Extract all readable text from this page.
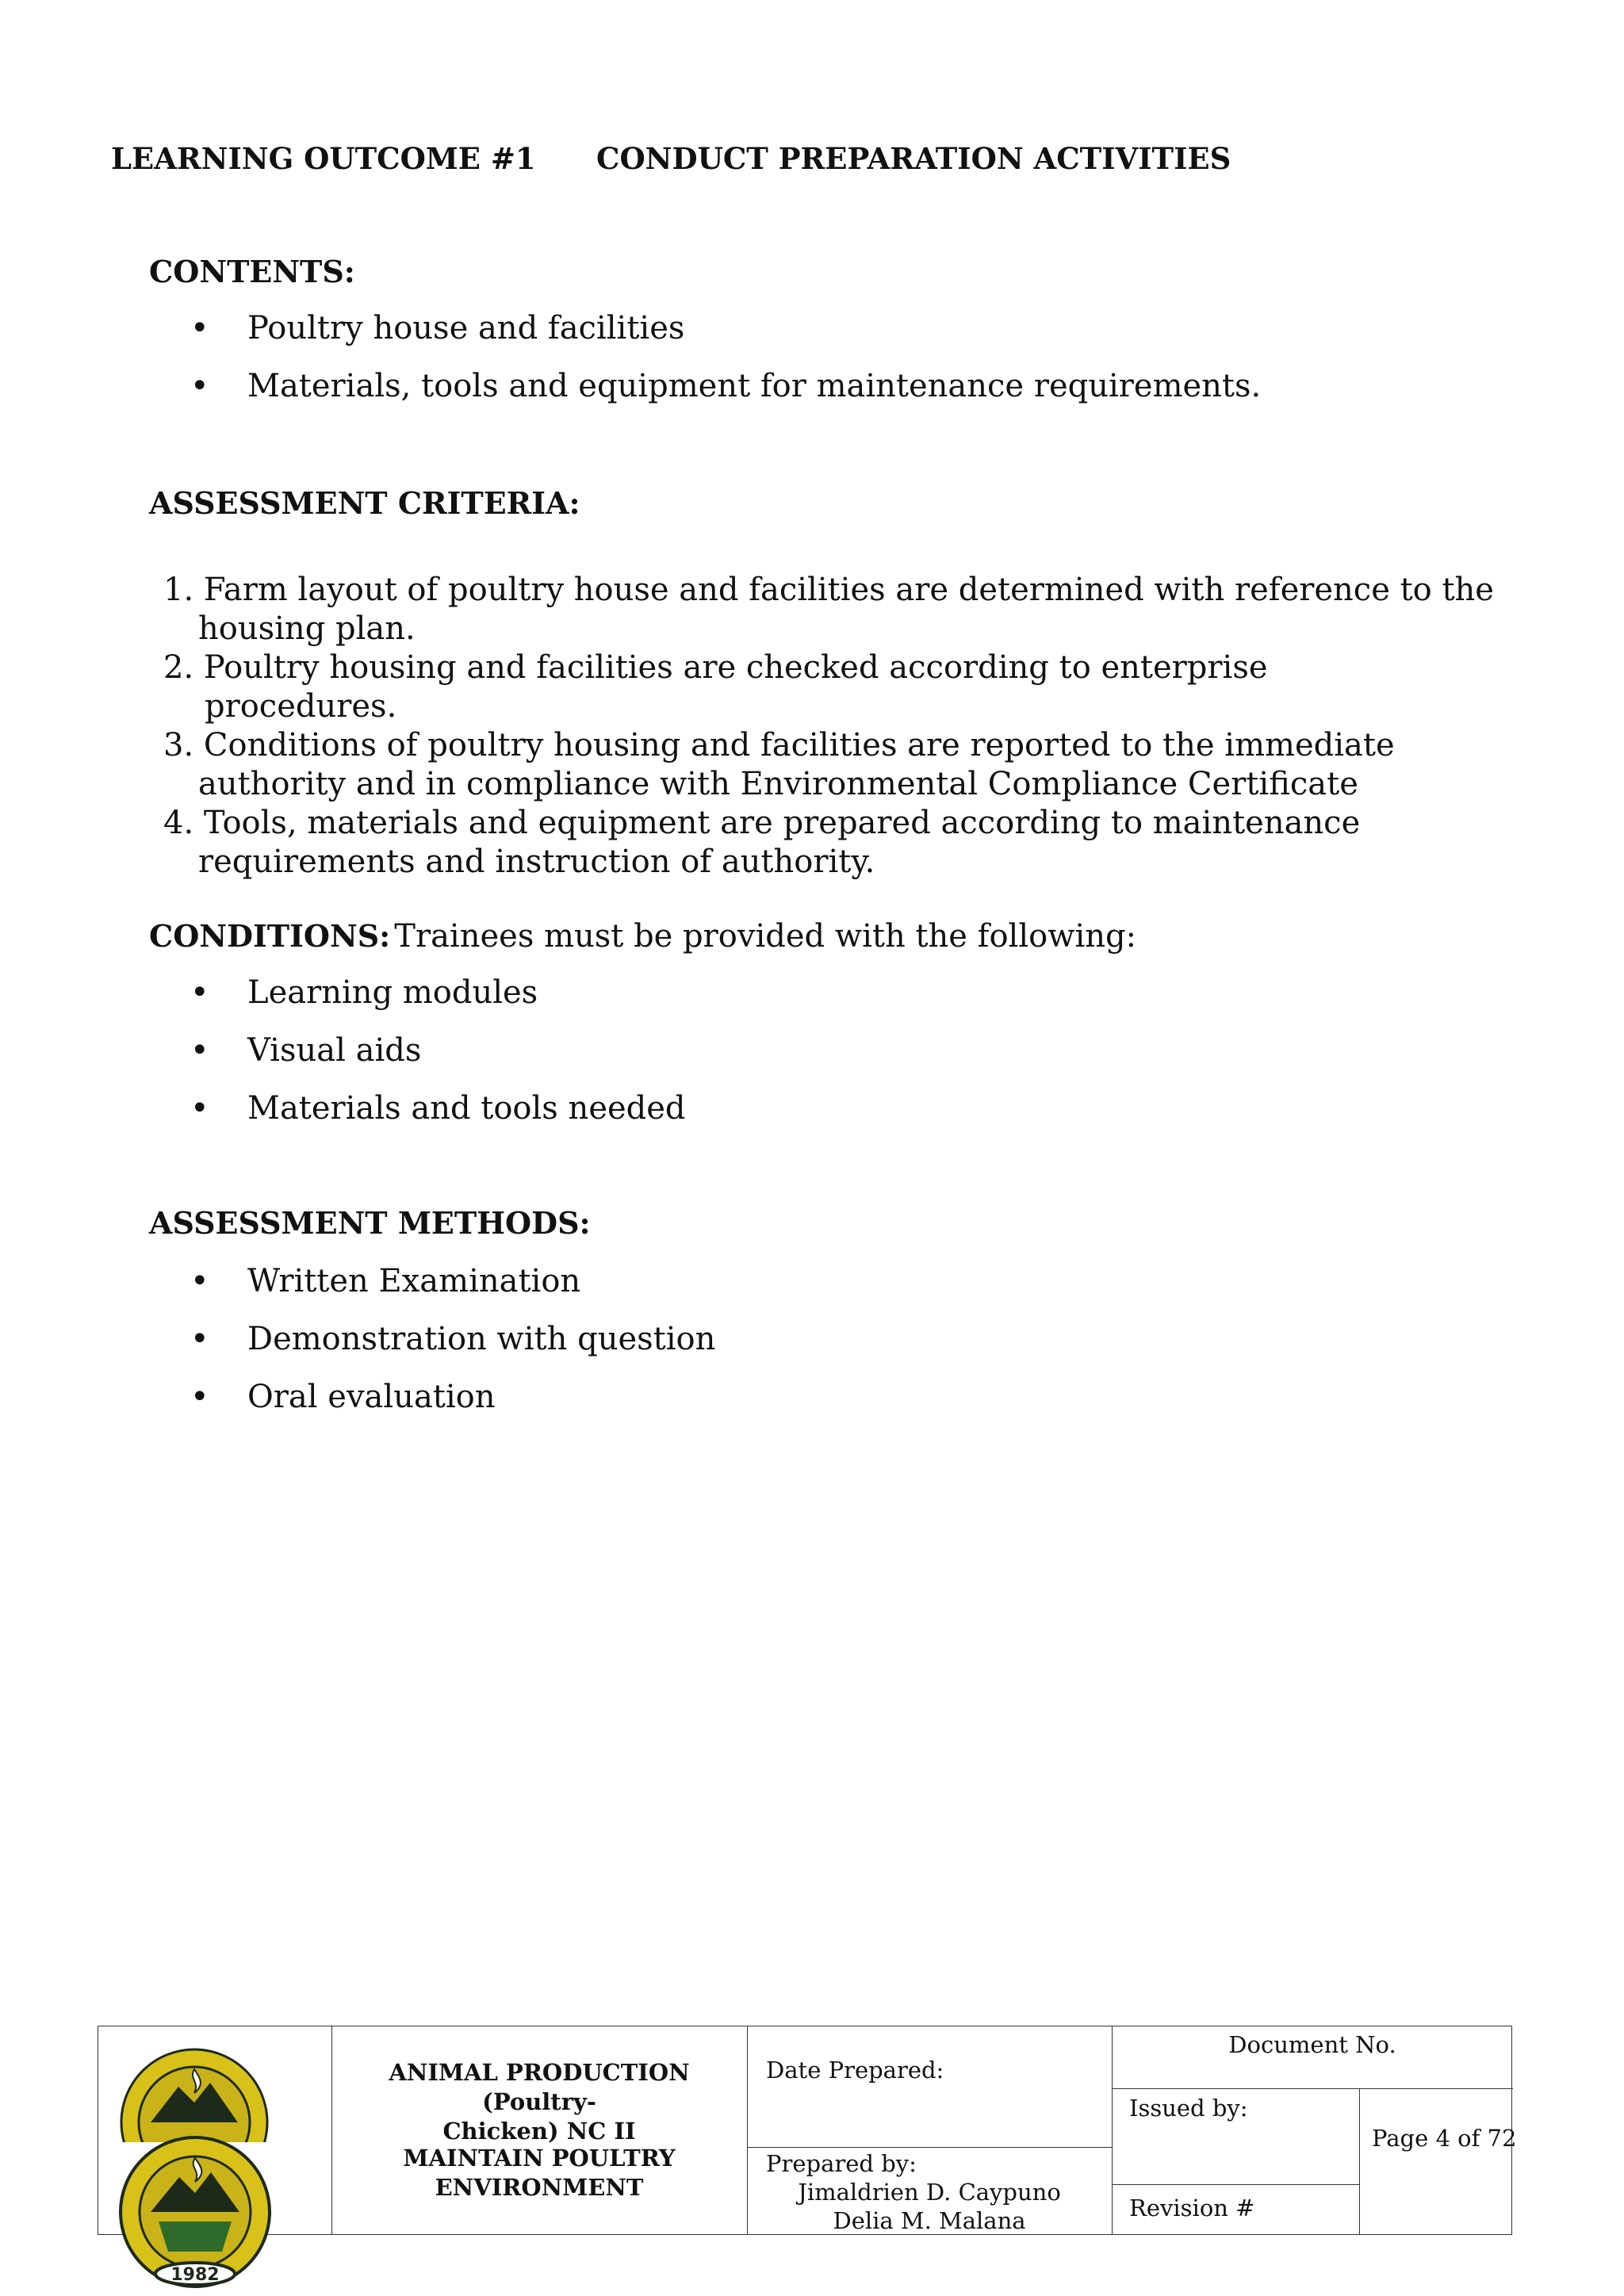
LEARNING OUTCOME #1 CONDUCT PREPARATION ACTIVITIES
CONTENTS:
• Poultry house and facilities
• Materials, tools and equipment for maintenance requirements.
ASSESSMENT CRITERIA:
1. Farm layout of poultry house and facilities are determined with reference to the
housing plan.
2. Poultry housing and facilities are checked according to enterprise
procedures.
3. Conditions of poultry housing and facilities are reported to the immediate
authority and in compliance with Environmental Compliance Certificate
4. Tools, materials and equipment are prepared according to maintenance
requirements and instruction of authority.
CONDITIONS: Trainees must be provided with the following:
• Learning modules
• Visual aids
• Materials and tools needed
ASSESSMENT METHODS:
• Written Examination
• Demonstration with question
• Oral evaluation
ANIMAL PRODUCTION (Poultry-
Chicken) NC II
MAINTAIN POULTRY
ENVIRONMENT
Date Prepared:
Prepared by:
Jimaldrien D. Caypuno
Delia M. Malana
Document No.
Issued by:
Revision #
Page 4 of 72
1982
